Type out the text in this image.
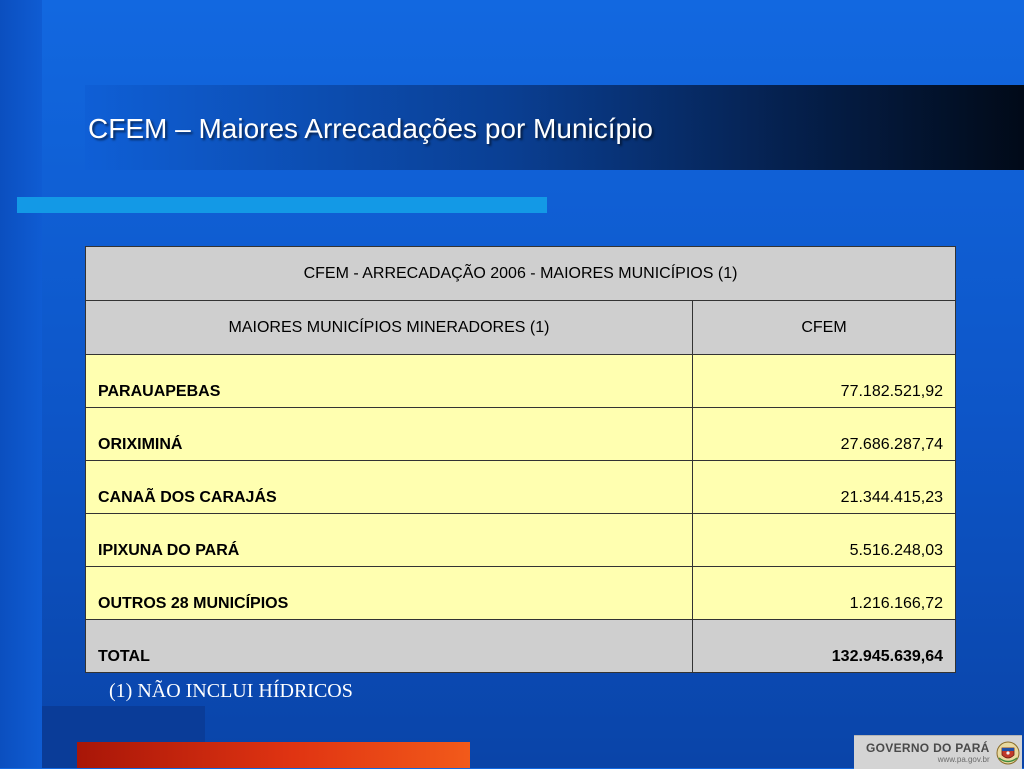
CFEM – Maiores Arrecadações por Município
CFEM - ARRECADAÇÃO 2006 - MAIORES MUNICÍPIOS (1)	
MAIORES MUNICÍPIOS MINERADORES (1)	CFEM
PARAUAPEBAS	77.182.521,92
ORIXIMINÁ	27.686.287,74
CANAÃ DOS CARAJÁS	21.344.415,23
IPIXUNA DO PARÁ	5.516.248,03
OUTROS 28 MUNICÍPIOS	1.216.166,72
TOTAL	132.945.639,64

(1) NÃO INCLUI HÍDRICOS

GOVERNO DO PARÁ
www.pa.gov.br
